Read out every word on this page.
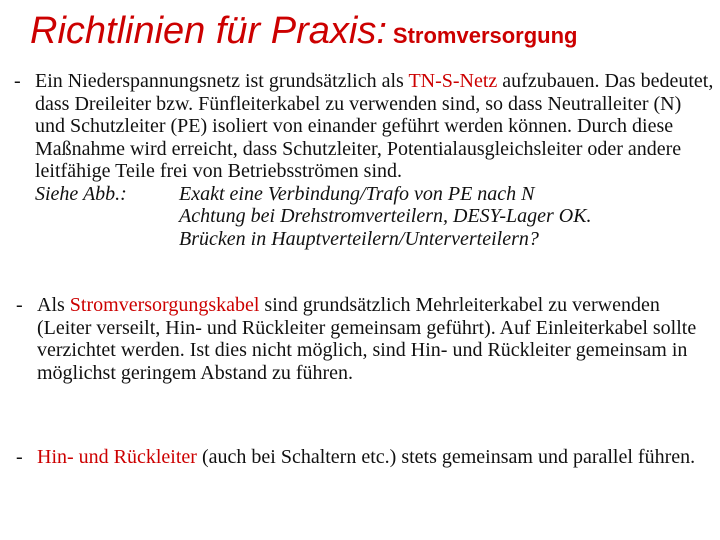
Richtlinien für Praxis: Stromversorgung
- Ein Niederspannungsnetz ist grundsätzlich als TN-S-Netz aufzubauen. Das bedeutet, dass Dreileiter bzw. Fünfleiterkabel zu verwenden sind, so dass Neutralleiter (N) und Schutzleiter (PE) isoliert von einander geführt werden können. Durch diese Maßnahme wird erreicht, dass Schutzleiter, Potentialausgleichsleiter oder andere leitfähige Teile frei von Betriebsströmen sind.
Siehe Abb.:	Exakt eine Verbindung/Trafo von PE nach N
Achtung bei Drehstromverteilern, DESY-Lager OK.
Brücken in Hauptverteilern/Unterverteilern?
- Als Stromversorgungskabel sind grundsätzlich Mehrleiterkabel zu verwenden (Leiter verseilt, Hin- und Rückleiter gemeinsam geführt). Auf Einleiterkabel sollte verzichtet werden. Ist dies nicht möglich, sind Hin- und Rückleiter gemeinsam in möglichst geringem Abstand zu führen.
- Hin- und Rückleiter (auch bei Schaltern etc.) stets gemeinsam und parallel führen.
